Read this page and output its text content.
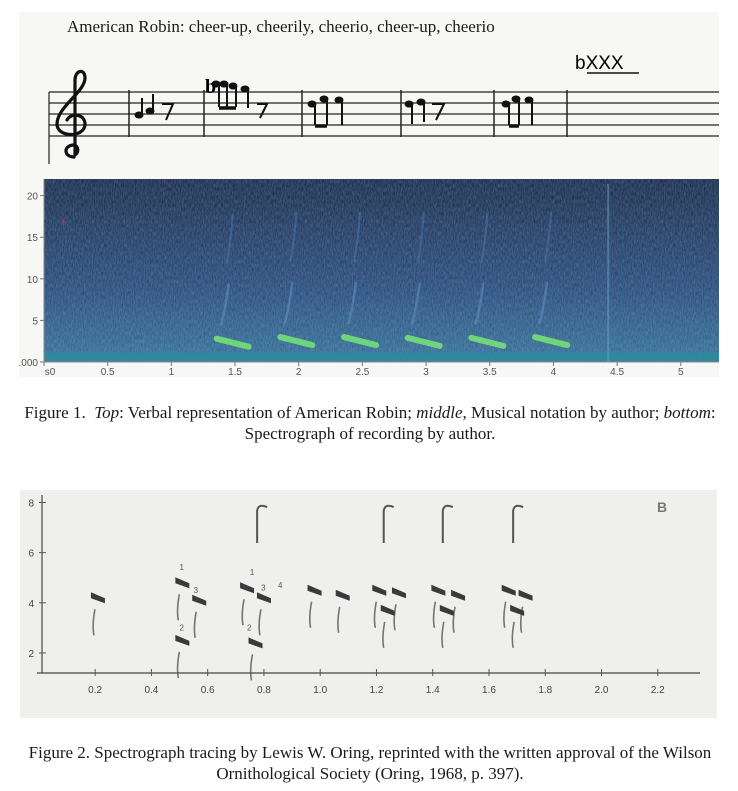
b
bXXX
American Robin: cheer-up, cheerily, cheerio, cheer-up, cheerio
20
15
10
5
.000
s0	0.5	1	1.5	2	2.5	3	3.5	4	4.5	5
+
Figure 1. Top: Verbal representation of American Robin; middle, Musical notation by author; bottom: Spectrograph of recording by author.
8
6
4
2
0.2	0.4	0.6	0.8	1.0	1.2	1.4	1.6	1.8	2.0	2.2
1
2
3
1
2
3 4
B
Figure 2. Spectrograph tracing by Lewis W. Oring, reprinted with the written approval of the Wilson Ornithological Society (Oring, 1968, p. 397).
